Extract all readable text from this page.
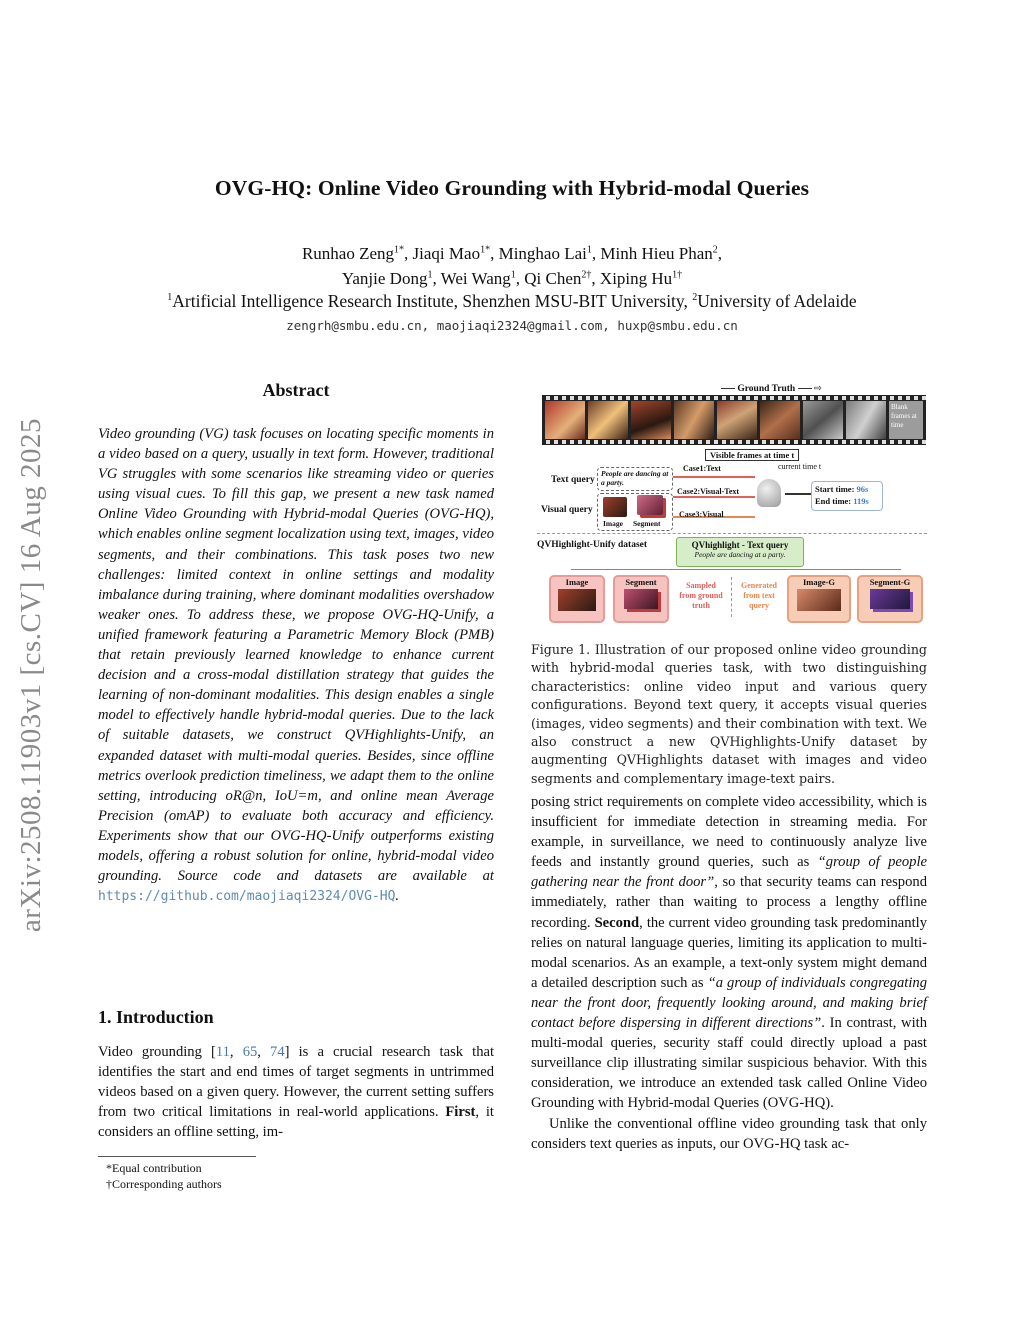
OVG-HQ: Online Video Grounding with Hybrid-modal Queries
Runhao Zeng$^{1*}$, Jiaqi Mao$^{1*}$, Minghao Lai$^1$, Minh Hieu Phan$^2$,
Yanjie Dong$^1$, Wei Wang$^1$, Qi Chen$^{2\dagger}$, Xiping $Hu^{1\dagger}$
$^1$Artificial Intelligence Research Institute, Shenzhen MSU-BIT University, $^2$University of Adelaide
zengrh@smbu.edu.cn, maojiaqi2324@gmail.com, huxp@smbu.edu.cn
arXiv:2508.11903v1 [cs.CV] 16 Aug 2025
Abstract
Video grounding (VG) task focuses on locating specific moments in a video based on a query, usually in text form. However, traditional VG struggles with some scenarios like streaming video or queries using visual cues. To fill this gap, we present a new task named Online Video Grounding with Hybrid-modal Queries (OVG-HQ), which enables online segment localization using text, images, video segments, and their combinations. This task poses two new challenges: limited context in online settings and modality imbalance during training, where dominant modalities overshadow weaker ones. To address these, we propose OVG-HQ-Unify, a unified framework featuring a Parametric Memory Block (PMB) that retain previously learned knowledge to enhance current decision and a cross-modal distillation strategy that guides the learning of non-dominant modalities. This design enables a single model to effectively handle hybrid-modal queries. Due to the lack of suitable datasets, we construct QVHighlights-Unify, an expanded dataset with multi-modal queries. Besides, since offline metrics overlook prediction timeliness, we adapt them to the online setting, introducing oR@n, IoU=m, and online mean Average Precision (omAP) to evaluate both accuracy and efficiency. Experiments show that our OVG-HQ-Unify outperforms existing models, offering a robust solution for online, hybrid-modal video grounding. Source code and datasets are available at https://github.com/maojiaqi2324/OVG-HQ.
1. Introduction
Video grounding [11, 65, 74] is a crucial research task that identifies the start and end times of target segments in untrimmed videos based on a given query. However, the current setting suffers from two critical limitations in real-world applications. First, it considers an offline setting, im-
*Equal contribution
†Corresponding authors
Ground Truth ⇨
Blank frames at time
Visible frames at time t
current time t
Text query
People are dancing at a party.
Visual query
Image Segment
Case1:Text
Case2:Visual-Text
Case3:Visual
Start time: 96s
End time: 119s
QVHighlight-Unify dataset	QVhighlight - Text query
People are dancing at a party.
Image	Segment	Sampled from ground truth
Generated from text query
Image-G	Segment-G
Figure 1. Illustration of our proposed online video grounding with hybrid-modal queries task, with two distinguishing characteristics: online video input and various query configurations. Beyond text query, it accepts visual queries (images, video segments) and their combination with text. We also construct a new QVHighlights-Unify dataset by augmenting QVHighlights dataset with images and video segments and complementary image-text pairs.

posing strict requirements on complete video accessibility, which is insufficient for immediate detection in streaming media. For example, in surveillance, we need to continuously analyze live feeds and instantly ground queries, such as “group of people gathering near the front door”, so that security teams can respond immediately, rather than waiting to process a lengthy offline recording. Second, the current video grounding task predominantly relies on natural language queries, limiting its application to multi-modal scenarios. As an example, a text-only system might demand a detailed description such as “a group of individuals congregating near the front door, frequently looking around, and making brief contact before dispersing in different directions”. In contrast, with multi-modal queries, security staff could directly upload a past surveillance clip illustrating similar suspicious behavior. With this consideration, we introduce an extended task called Online Video Grounding with Hybrid-modal Queries (OVG-HQ).

Unlike the conventional offline video grounding task that only considers text queries as inputs, our OVG-HQ task ac-
